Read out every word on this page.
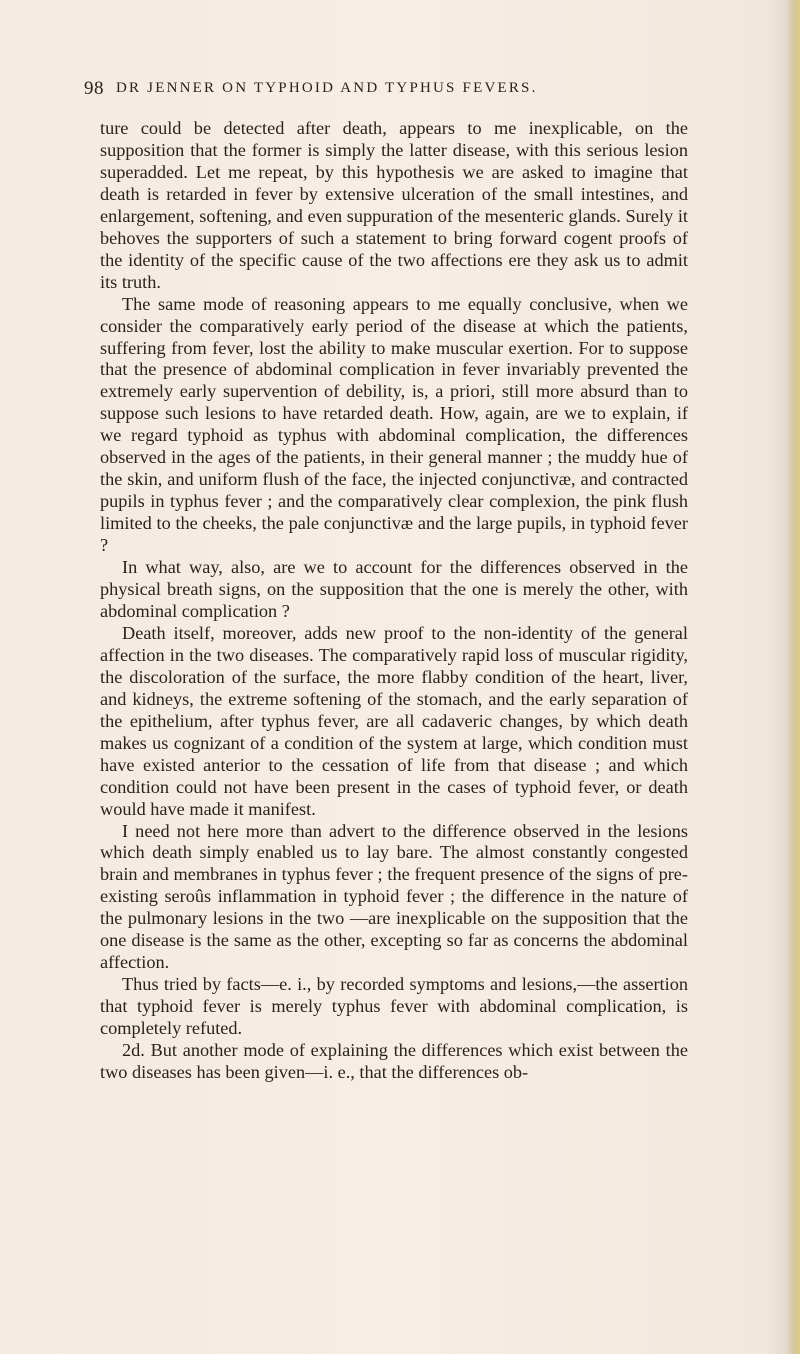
98 DR JENNER ON TYPHOID AND TYPHUS FEVERS.

ture could be detected after death, appears to me inexplicable, on the supposition that the former is simply the latter disease, with this serious lesion superadded. Let me repeat, by this hypothesis we are asked to imagine that death is retarded in fever by extensive ulceration of the small intestines, and enlargement, softening, and even suppuration of the mesenteric glands. Surely it behoves the supporters of such a statement to bring forward cogent proofs of the identity of the specific cause of the two affections ere they ask us to admit its truth.

The same mode of reasoning appears to me equally conclusive, when we consider the comparatively early period of the disease at which the patients, suffering from fever, lost the ability to make muscular exertion. For to suppose that the presence of abdominal complication in fever invariably prevented the extremely early supervention of debility, is, a priori, still more absurd than to suppose such lesions to have retarded death. How, again, are we to explain, if we regard typhoid as typhus with abdominal complication, the differences observed in the ages of the patients, in their general manner ; the muddy hue of the skin, and uniform flush of the face, the injected conjunctivæ, and contracted pupils in typhus fever ; and the comparatively clear complexion, the pink flush limited to the cheeks, the pale conjunctivæ and the large pupils, in typhoid fever ?

In what way, also, are we to account for the differences observed in the physical breath signs, on the supposition that the one is merely the other, with abdominal complication ?

Death itself, moreover, adds new proof to the non-identity of the general affection in the two diseases. The comparatively rapid loss of muscular rigidity, the discoloration of the surface, the more flabby condition of the heart, liver, and kidneys, the extreme softening of the stomach, and the early separation of the epithelium, after typhus fever, are all cadaveric changes, by which death makes us cognizant of a condition of the system at large, which condition must have existed anterior to the cessation of life from that disease ; and which condition could not have been present in the cases of typhoid fever, or death would have made it manifest.

I need not here more than advert to the difference observed in the lesions which death simply enabled us to lay bare. The almost constantly congested brain and membranes in typhus fever ; the frequent presence of the signs of pre-existing seroûs inflammation in typhoid fever ; the difference in the nature of the pulmonary lesions in the two —are inexplicable on the supposition that the one disease is the same as the other, excepting so far as concerns the abdominal affection.

Thus tried by facts—e. i., by recorded symptoms and lesions,—the assertion that typhoid fever is merely typhus fever with abdominal complication, is completely refuted.

2d. But another mode of explaining the differences which exist between the two diseases has been given—i. e., that the differences ob-
